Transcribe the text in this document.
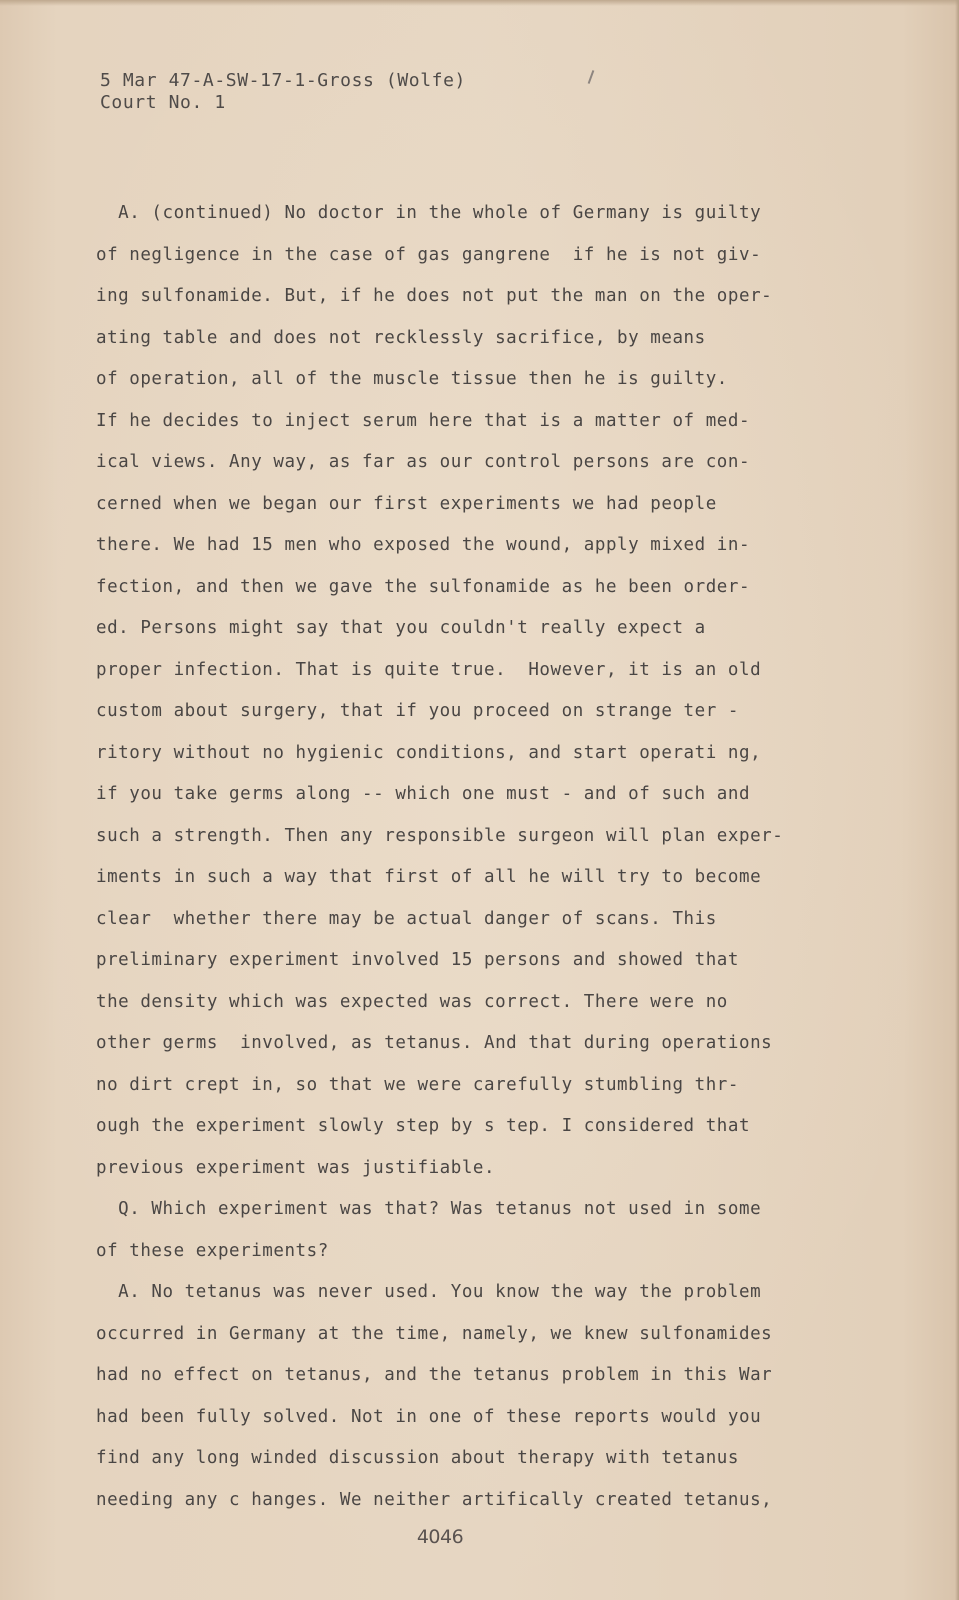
5 Mar 47-A-SW-17-1-Gross (Wolfe)
Court No. 1
A. (continued) No doctor in the whole of Germany is guilty
of negligence in the case of gas gangrene  if he is not giv-
ing sulfonamide. But, if he does not put the man on the oper-
ating table and does not recklessly sacrifice, by means
of operation, all of the muscle tissue then he is guilty.
If he decides to inject serum here that is a matter of med-
ical views. Any way, as far as our control persons are con-
cerned when we began our first experiments we had people
there. We had 15 men who exposed the wound, apply mixed in-
fection, and then we gave the sulfonamide as he been order-
ed. Persons might say that you couldn't really expect a
proper infection. That is quite true.  However, it is an old
custom about surgery, that if you proceed on strange ter -
ritory without no hygienic conditions, and start operati ng,
if you take germs along -- which one must - and of such and
such a strength. Then any responsible surgeon will plan exper-
iments in such a way that first of all he will try to become
clear  whether there may be actual danger of scans. This
preliminary experiment involved 15 persons and showed that
the density which was expected was correct. There were no
other germs  involved, as tetanus. And that during operations
no dirt crept in, so that we were carefully stumbling thr-
ough the experiment slowly step by s tep. I considered that
previous experiment was justifiable.
Q. Which experiment was that? Was tetanus not used in some
of these experiments?
A. No tetanus was never used. You know the way the problem
occurred in Germany at the time, namely, we knew sulfonamides
had no effect on tetanus, and the tetanus problem in this War
had been fully solved. Not in one of these reports would you
find any long winded discussion about therapy with tetanus
needing any c hanges. We neither artifically created tetanus,
4046
